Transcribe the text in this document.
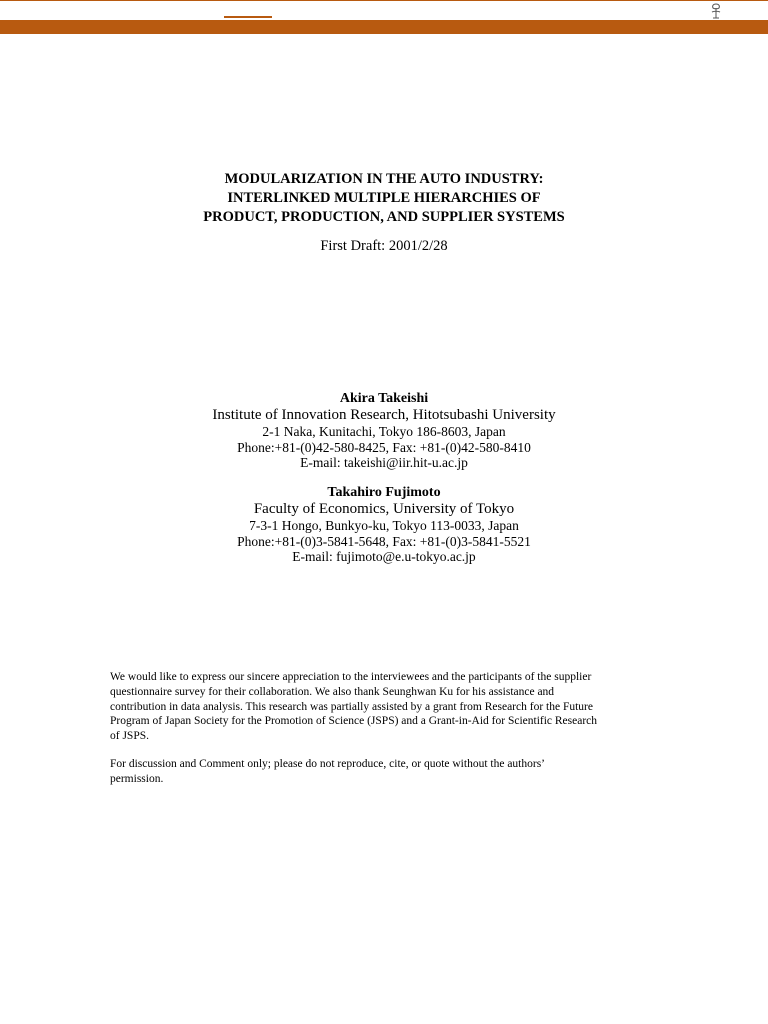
MODULARIZATION IN THE AUTO INDUSTRY:
INTERLINKED MULTIPLE HIERARCHIES OF
PRODUCT, PRODUCTION, AND SUPPLIER SYSTEMS
First Draft: 2001/2/28
Akira Takeishi
Institute of Innovation Research, Hitotsubashi University
2-1 Naka, Kunitachi, Tokyo 186-8603, Japan
Phone:+81-(0)42-580-8425, Fax: +81-(0)42-580-8410
E-mail: takeishi@iir.hit-u.ac.jp
Takahiro Fujimoto
Faculty of Economics, University of Tokyo
7-3-1 Hongo, Bunkyo-ku, Tokyo 113-0033, Japan
Phone:+81-(0)3-5841-5648, Fax: +81-(0)3-5841-5521
E-mail: fujimoto@e.u-tokyo.ac.jp
We would like to express our sincere appreciation to the interviewees and the participants of the supplier
questionnaire survey for their collaboration. We also thank Seunghwan Ku for his assistance and
contribution in data analysis. This research was partially assisted by a grant from Research for the Future
Program of Japan Society for the Promotion of Science (JSPS) and a Grant-in-Aid for Scientific Research
of JSPS.
For discussion and Comment only; please do not reproduce, cite, or quote without the authors’
permission.
